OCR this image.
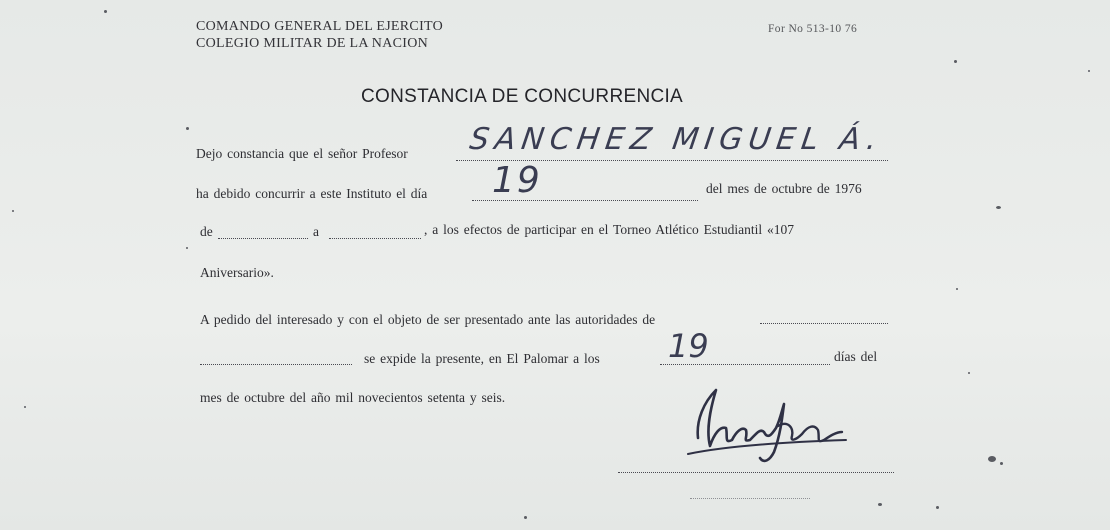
COMANDO GENERAL DEL EJERCITO
COLEGIO MILITAR DE LA NACION
For No 513-10 76
CONSTANCIA DE CONCURRENCIA
Dejo constancia que el señor Profesor SANCHEZ MIGUEL Á.
ha debido concurrir a este Instituto el día 19	del mes de octubre de 1976
de	a	, a los efectos de participar en el Torneo Atlético Estudiantil «107
Aniversario».
A pedido del interesado y con el objeto de ser presentado ante las autoridades de
se expide la presente, en El Palomar a los 19	días del
mes de octubre del año mil novecientos setenta y seis.
